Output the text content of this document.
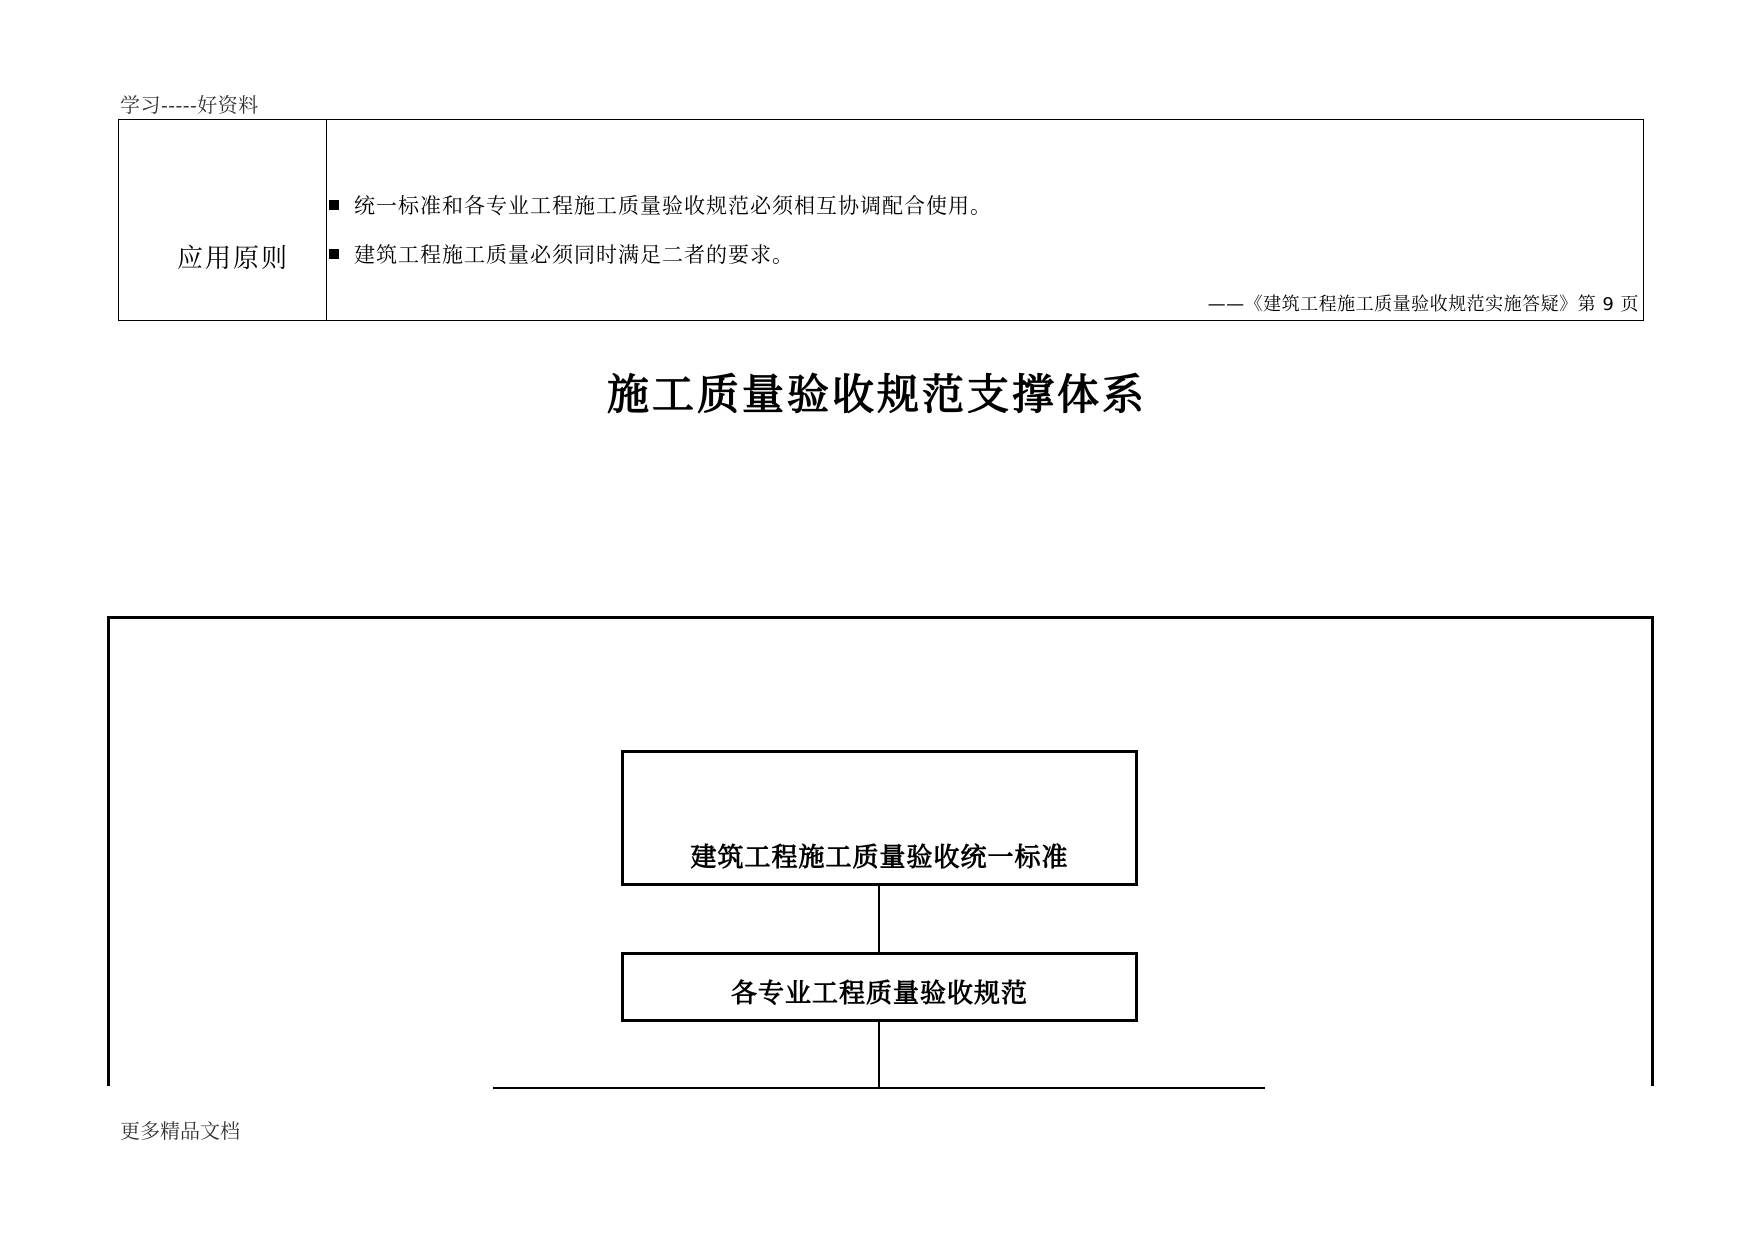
学习-----好资料
应用原则
统一标准和各专业工程施工质量验收规范必须相互协调配合使用。
建筑工程施工质量必须同时满足二者的要求。
——《建筑工程施工质量验收规范实施答疑》第 9 页
施工质量验收规范支撑体系
建筑工程施工质量验收统一标准
各专业工程质量验收规范
更多精品文档
